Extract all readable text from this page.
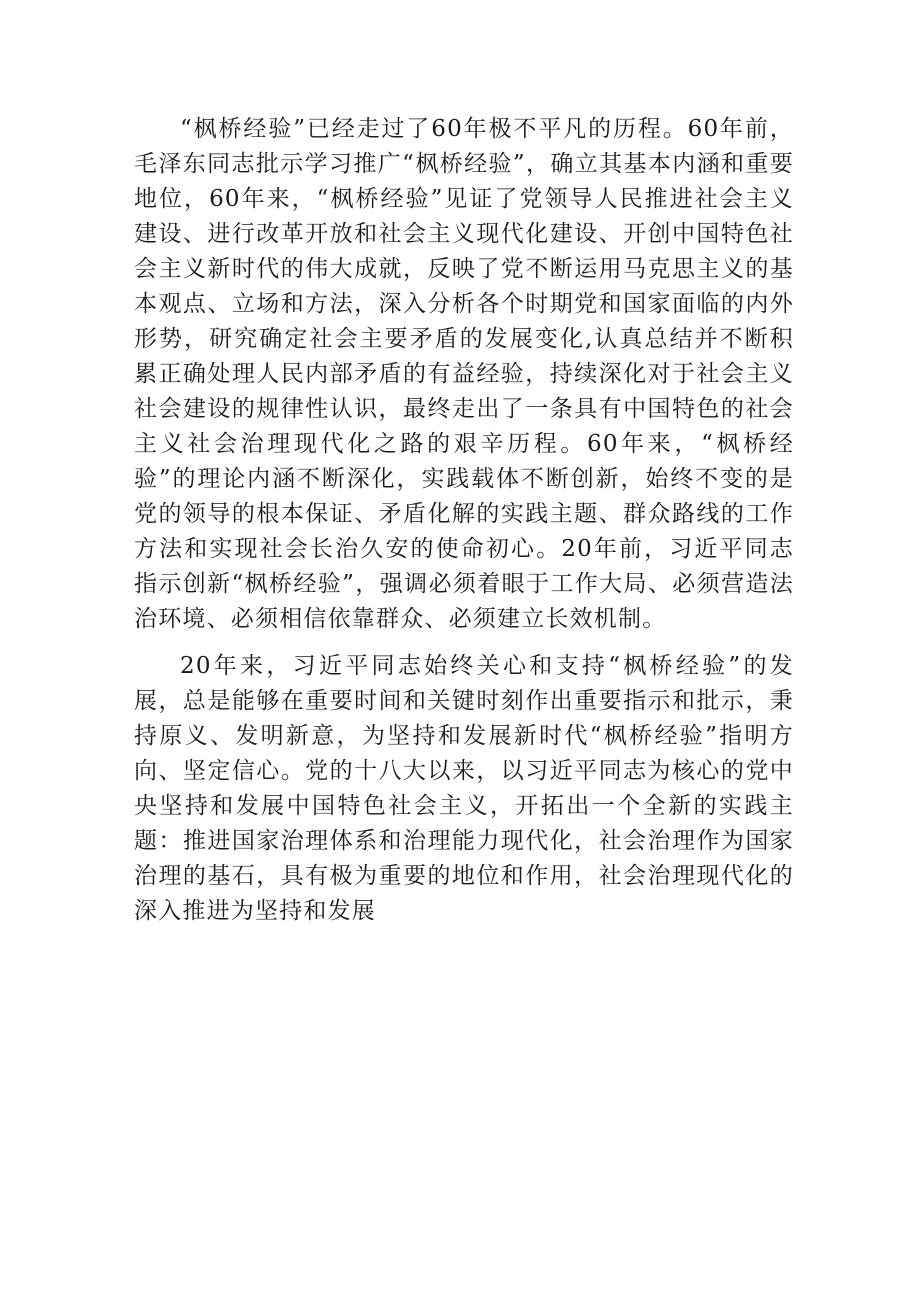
“枫桥经验”已经走过了60年极不平凡的历程。60年前，毛泽东同志批示学习推广“枫桥经验”，确立其基本内涵和重要地位，60年来，“枫桥经验”见证了党领导人民推进社会主义建设、进行改革开放和社会主义现代化建设、开创中国特色社会主义新时代的伟大成就，反映了党不断运用马克思主义的基本观点、立场和方法，深入分析各个时期党和国家面临的内外形势，研究确定社会主要矛盾的发展变化,认真总结并不断积累正确处理人民内部矛盾的有益经验，持续深化对于社会主义社会建设的规律性认识，最终走出了一条具有中国特色的社会主义社会治理现代化之路的艰辛历程。60年来，“枫桥经验”的理论内涵不断深化，实践载体不断创新，始终不变的是党的领导的根本保证、矛盾化解的实践主题、群众路线的工作方法和实现社会长治久安的使命初心。20年前，习近平同志指示创新“枫桥经验”，强调必须着眼于工作大局、必须营造法治环境、必须相信依靠群众、必须建立长效机制。

20年来，习近平同志始终关心和支持“枫桥经验”的发展，总是能够在重要时间和关键时刻作出重要指示和批示，秉持原义、发明新意，为坚持和发展新时代“枫桥经验”指明方向、坚定信心。党的十八大以来，以习近平同志为核心的党中央坚持和发展中国特色社会主义，开拓出一个全新的实践主题：推进国家治理体系和治理能力现代化，社会治理作为国家治理的基石，具有极为重要的地位和作用，社会治理现代化的深入推进为坚持和发展
